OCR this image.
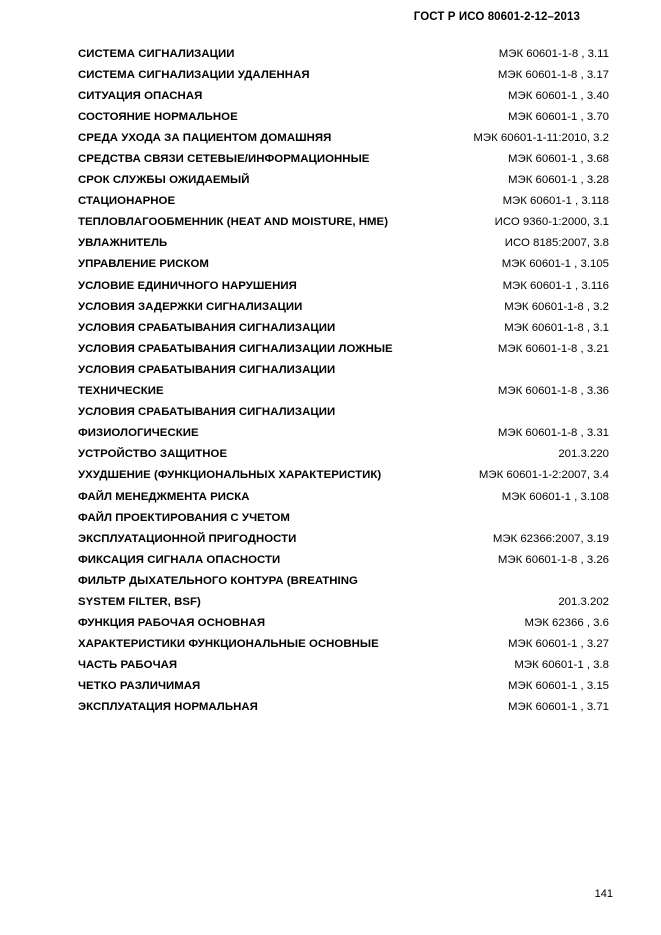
ГОСТ Р ИСО 80601-2-12–2013
СИСТЕМА СИГНАЛИЗАЦИИ	МЭК 60601-1-8 , 3.11
СИСТЕМА СИГНАЛИЗАЦИИ УДАЛЕННАЯ	МЭК 60601-1-8 , 3.17
СИТУАЦИЯ ОПАСНАЯ	МЭК 60601-1 , 3.40
СОСТОЯНИЕ НОРМАЛЬНОЕ	МЭК 60601-1 , 3.70
СРЕДА УХОДА ЗА ПАЦИЕНТОМ ДОМАШНЯЯ	МЭК 60601-1-11:2010, 3.2
СРЕДСТВА СВЯЗИ СЕТЕВЫЕ/ИНФОРМАЦИОННЫЕ	МЭК 60601-1 , 3.68
СРОК СЛУЖБЫ ОЖИДАЕМЫЙ	МЭК 60601-1 , 3.28
СТАЦИОНАРНОЕ	МЭК 60601-1 , 3.118
ТЕПЛОВЛАГООБМЕННИК (HEAT AND MOISTURE, HME)	ИСО 9360-1:2000, 3.1
УВЛАЖНИТЕЛЬ	ИСО 8185:2007, 3.8
УПРАВЛЕНИЕ РИСКОМ	МЭК 60601-1 , 3.105
УСЛОВИЕ ЕДИНИЧНОГО НАРУШЕНИЯ	МЭК 60601-1 , 3.116
УСЛОВИЯ ЗАДЕРЖКИ СИГНАЛИЗАЦИИ	МЭК 60601-1-8 , 3.2
УСЛОВИЯ СРАБАТЫВАНИЯ СИГНАЛИЗАЦИИ	МЭК 60601-1-8 , 3.1
УСЛОВИЯ СРАБАТЫВАНИЯ СИГНАЛИЗАЦИИ ЛОЖНЫЕ	МЭК 60601-1-8 , 3.21
УСЛОВИЯ СРАБАТЫВАНИЯ СИГНАЛИЗАЦИИ
ТЕХНИЧЕСКИЕ	МЭК 60601-1-8 , 3.36
УСЛОВИЯ СРАБАТЫВАНИЯ СИГНАЛИЗАЦИИ
ФИЗИОЛОГИЧЕСКИЕ	МЭК 60601-1-8 , 3.31
УСТРОЙСТВО ЗАЩИТНОЕ	201.3.220
УХУДШЕНИЕ (ФУНКЦИОНАЛЬНЫХ ХАРАКТЕРИСТИК)	МЭК 60601-1-2:2007, 3.4
ФАЙЛ МЕНЕДЖМЕНТА РИСКА	МЭК 60601-1 , 3.108
ФАЙЛ ПРОЕКТИРОВАНИЯ С УЧЕТОМ
ЭКСПЛУАТАЦИОННОЙ ПРИГОДНОСТИ	МЭК 62366:2007, 3.19
ФИКСАЦИЯ СИГНАЛА ОПАСНОСТИ	МЭК 60601-1-8 , 3.26
ФИЛЬТР ДЫХАТЕЛЬНОГО КОНТУРА (BREATHING
SYSTEM FILTER, BSF)	201.3.202
ФУНКЦИЯ РАБОЧАЯ ОСНОВНАЯ	МЭК 62366 , 3.6
ХАРАКТЕРИСТИКИ ФУНКЦИОНАЛЬНЫЕ ОСНОВНЫЕ	МЭК 60601-1 , 3.27
ЧАСТЬ РАБОЧАЯ	МЭК 60601-1 , 3.8
ЧЕТКО РАЗЛИЧИМАЯ	МЭК 60601-1 , 3.15
ЭКСПЛУАТАЦИЯ НОРМАЛЬНАЯ	МЭК 60601-1 , 3.71
141
